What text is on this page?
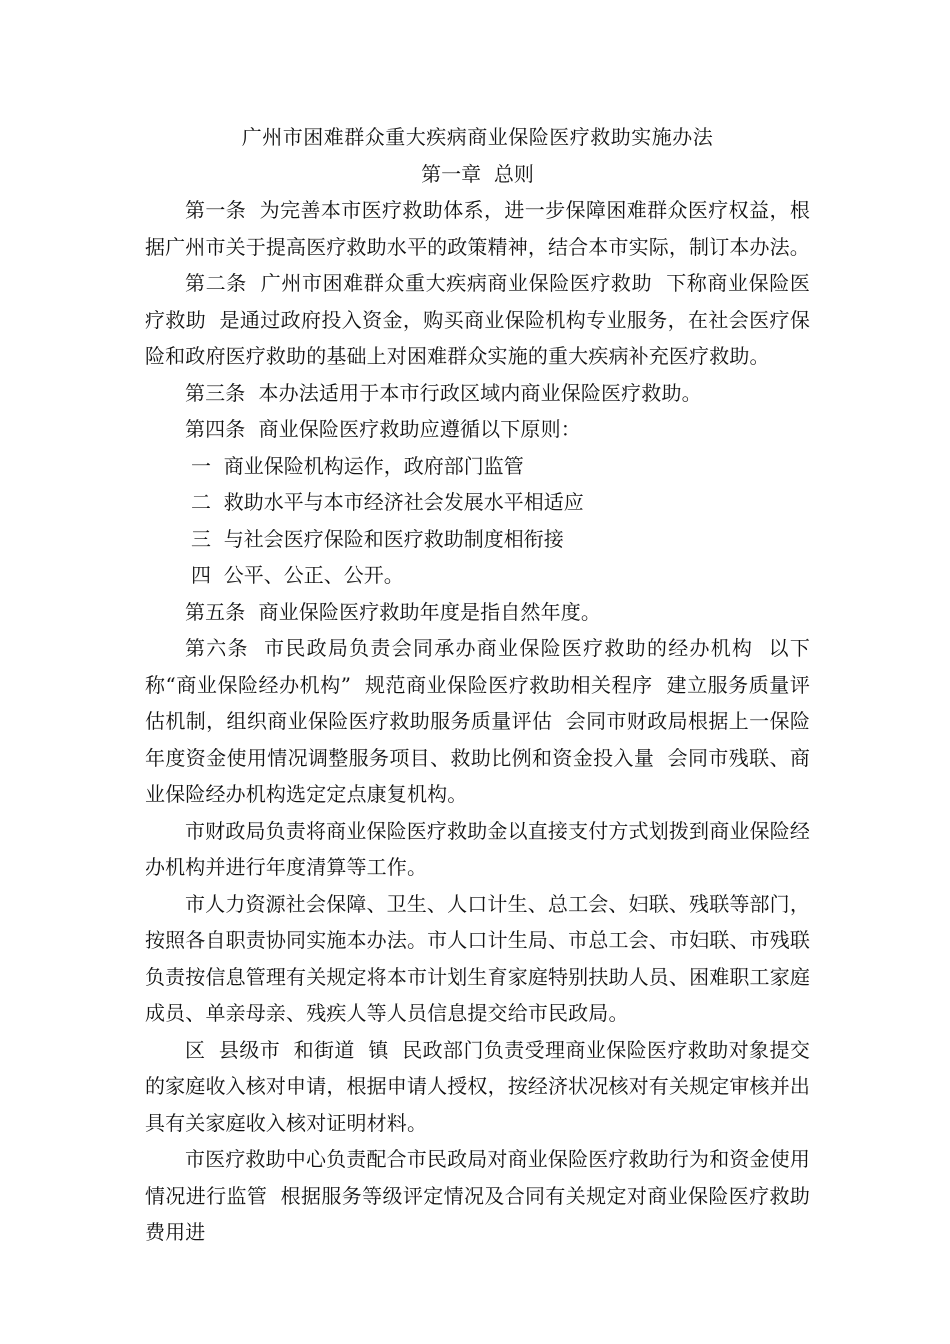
广州市困难群众重大疾病商业保险医疗救助实施办法
第一章  总则

第一条  为完善本市医疗救助体系，进一步保障困难群众医疗权益，根据广州市关于提高医疗救助水平的政策精神，结合本市实际，制订本办法。

第二条  广州市困难群众重大疾病商业保险医疗救助  下称商业保险医疗救助  是通过政府投入资金，购买商业保险机构专业服务，在社会医疗保险和政府医疗救助的基础上对困难群众实施的重大疾病补充医疗救助。

第三条  本办法适用于本市行政区域内商业保险医疗救助。

第四条  商业保险医疗救助应遵循以下原则：

一  商业保险机构运作，政府部门监管

二  救助水平与本市经济社会发展水平相适应

三  与社会医疗保险和医疗救助制度相衔接

四  公平、公正、公开。

第五条  商业保险医疗救助年度是指自然年度。

第六条  市民政局负责会同承办商业保险医疗救助的经办机构  以下称“商业保险经办机构”  规范商业保险医疗救助相关程序  建立服务质量评估机制，组织商业保险医疗救助服务质量评估  会同市财政局根据上一保险年度资金使用情况调整服务项目、救助比例和资金投入量  会同市残联、商业保险经办机构选定定点康复机构。

市财政局负责将商业保险医疗救助金以直接支付方式划拨到商业保险经办机构并进行年度清算等工作。

市人力资源社会保障、卫生、人口计生、总工会、妇联、残联等部门，按照各自职责协同实施本办法。市人口计生局、市总工会、市妇联、市残联负责按信息管理有关规定将本市计划生育家庭特别扶助人员、困难职工家庭成员、单亲母亲、残疾人等人员信息提交给市民政局。

区  县级市  和街道  镇  民政部门负责受理商业保险医疗救助对象提交的家庭收入核对申请，根据申请人授权，按经济状况核对有关规定审核并出具有关家庭收入核对证明材料。

市医疗救助中心负责配合市民政局对商业保险医疗救助行为和资金使用情况进行监管  根据服务等级评定情况及合同有关规定对商业保险医疗救助费用进
